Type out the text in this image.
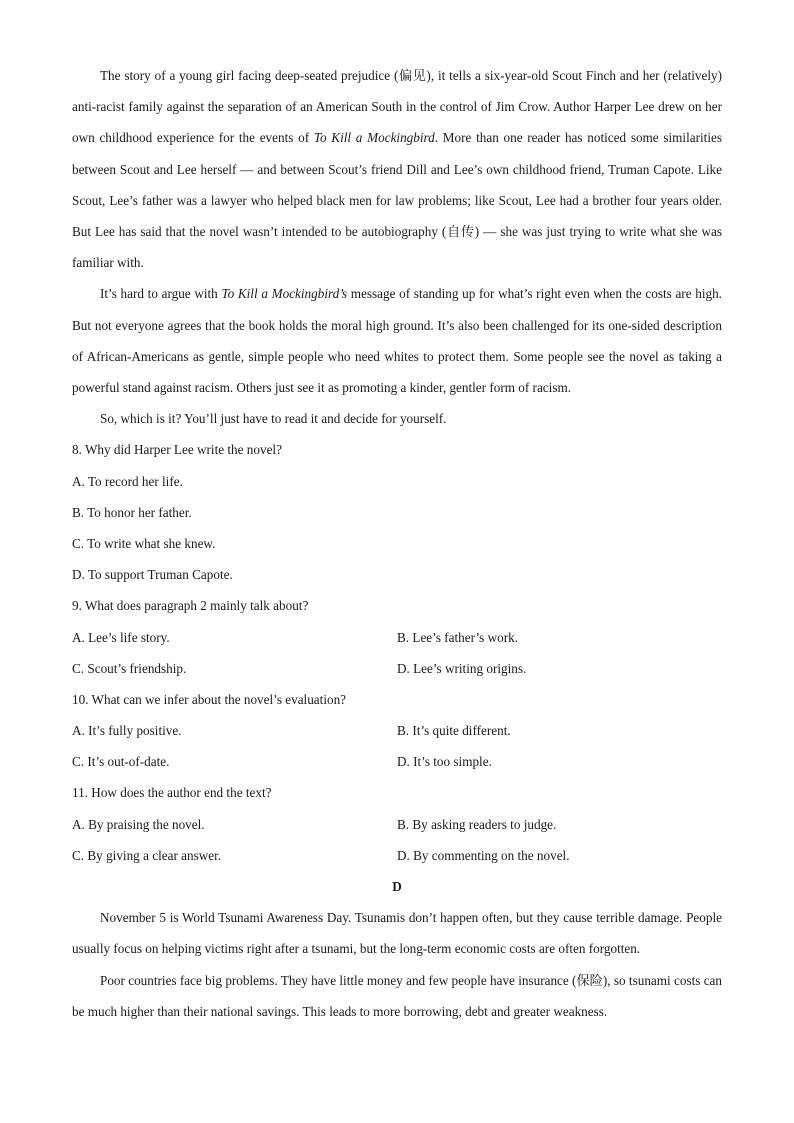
The story of a young girl facing deep-seated prejudice (偏见), it tells a six-year-old Scout Finch and her (relatively) anti-racist family against the separation of an American South in the control of Jim Crow. Author Harper Lee drew on her own childhood experience for the events of To Kill a Mockingbird. More than one reader has noticed some similarities between Scout and Lee herself — and between Scout’s friend Dill and Lee’s own childhood friend, Truman Capote. Like Scout, Lee’s father was a lawyer who helped black men for law problems; like Scout, Lee had a brother four years older. But Lee has said that the novel wasn’t intended to be autobiography (自传) — she was just trying to write what she was familiar with.

It’s hard to argue with To Kill a Mockingbird’s message of standing up for what’s right even when the costs are high. But not everyone agrees that the book holds the moral high ground. It’s also been challenged for its one-sided description of African-Americans as gentle, simple people who need whites to protect them. Some people see the novel as taking a powerful stand against racism. Others just see it as promoting a kinder, gentler form of racism.

So, which is it? You’ll just have to read it and decide for yourself.

8. Why did Harper Lee write the novel?
A. To record her life.
B. To honor her father.
C. To write what she knew.
D. To support Truman Capote.
9. What does paragraph 2 mainly talk about?
A. Lee’s life story.	B. Lee’s father’s work.
C. Scout’s friendship.	D. Lee’s writing origins.
10. What can we infer about the novel’s evaluation?
A. It’s fully positive.	B. It’s quite different.
C. It’s out-of-date.	D. It’s too simple.
11. How does the author end the text?
A. By praising the novel.	B. By asking readers to judge.
C. By giving a clear answer.	D. By commenting on the novel.
D

November 5 is World Tsunami Awareness Day. Tsunamis don’t happen often, but they cause terrible damage. People usually focus on helping victims right after a tsunami, but the long-term economic costs are often forgotten.

Poor countries face big problems. They have little money and few people have insurance (保险), so tsunami costs can be much higher than their national savings. This leads to more borrowing, debt and greater weakness.
